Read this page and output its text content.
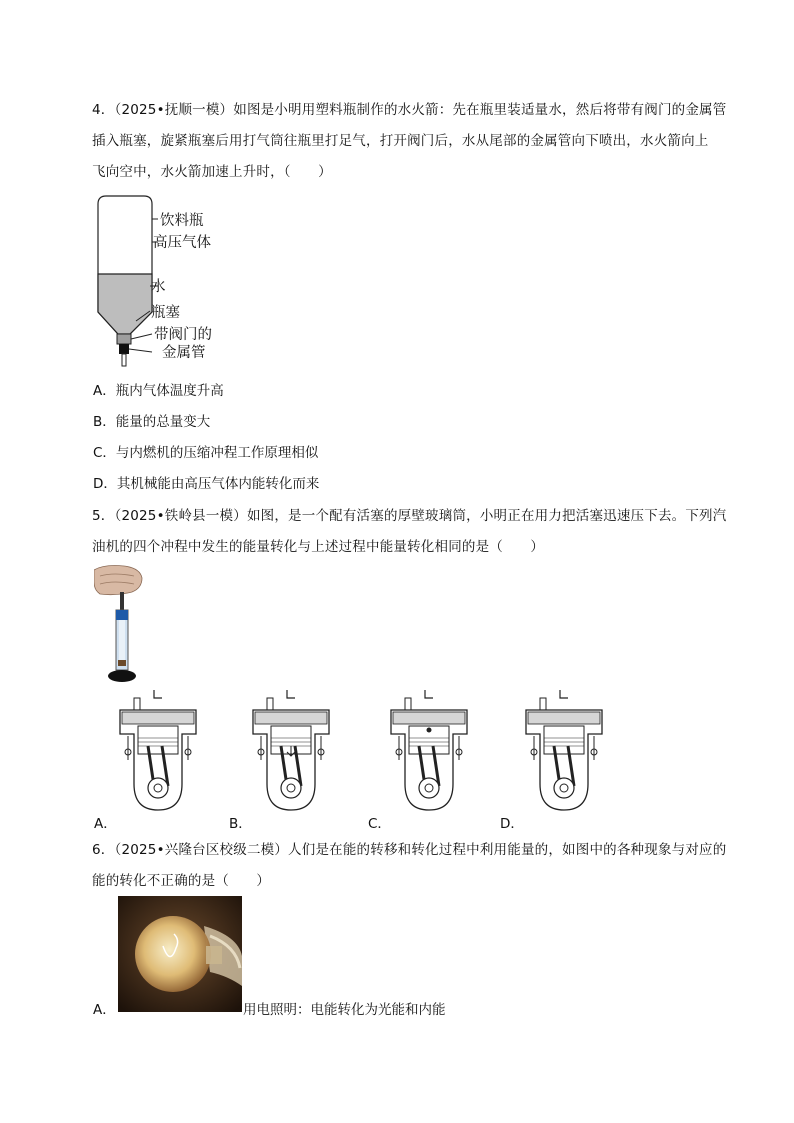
4．（2025•抚顺一模）如图是小明用塑料瓶制作的水火箭：先在瓶里装适量水，然后将带有阀门的金属管
插入瓶塞，旋紧瓶塞后用打气筒往瓶里打足气，打开阀门后，水从尾部的金属管向下喷出，水火箭向上
飞向空中，水火箭加速上升时，（　　）
饮料瓶
高压气体
水
瓶塞
带阀门的
金属管
A．瓶内气体温度升高
B．能量的总量变大
C．与内燃机的压缩冲程工作原理相似
D．其机械能由高压气体内能转化而来
5．（2025•铁岭县一模）如图，是一个配有活塞的厚壁玻璃筒，小明正在用力把活塞迅速压下去。下列汽
油机的四个冲程中发生的能量转化与上述过程中能量转化相同的是（　　）
A．	B．	C．	D．
6．（2025•兴隆台区校级二模）人们是在能的转移和转化过程中利用能量的，如图中的各种现象与对应的
能的转化不正确的是（　　）
A．	用电照明：电能转化为光能和内能
